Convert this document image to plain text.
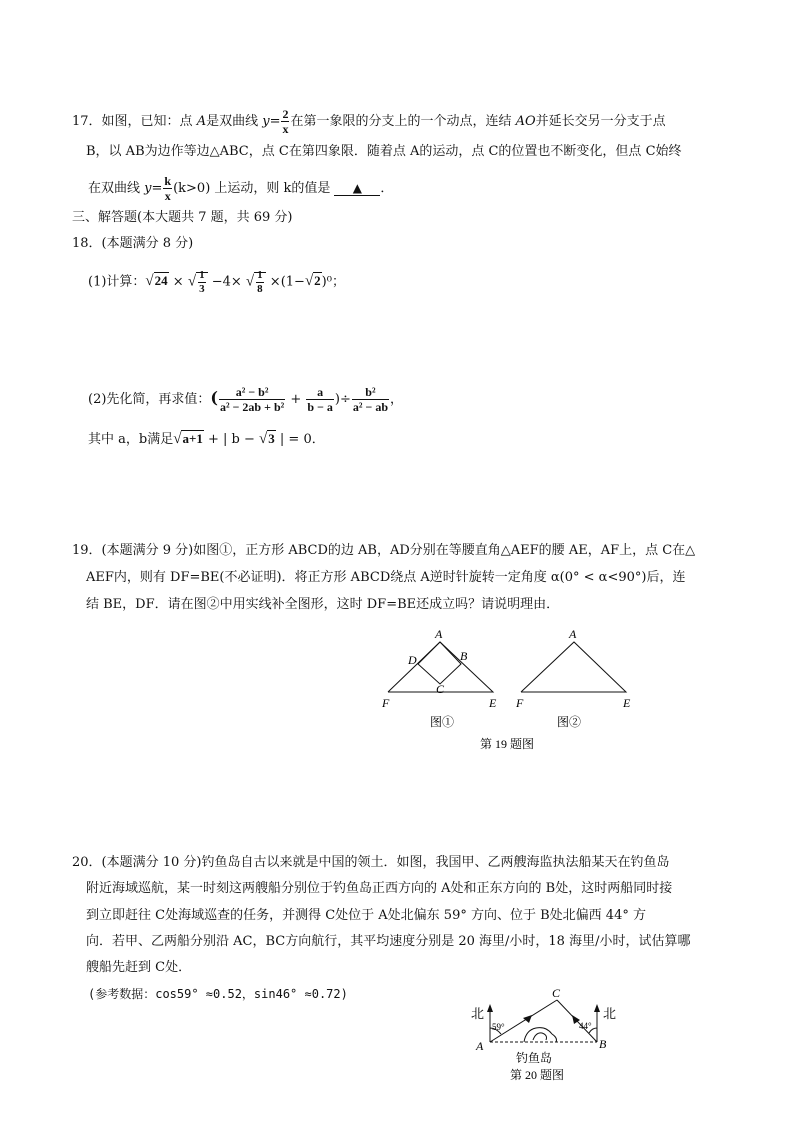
17．如图，已知：点 A是双曲线 $y= \frac{2}{x}$ 在第一象限的分支上的一个动点，连结 AO并延长交另一分支于点
B，以 AB为边作等边△ABC，点 C在第四象限．随着点 A的运动，点 C的位置也不断变化，但点 C始终
在双曲线 $y= \frac{k}{x} (k>0)$ 上运动，则 k的值是 ▲ ．
三、解答题(本大题共 7 题，共 69 分)
18．(本题满分 8 分)
(1)计算：√24 × √ $\frac{1}{3} -4\times$ √ $\frac{1}{8} \times(1-√2)^0$；
(2)先化简，再求值：( $\frac{\text{a² − b²}}{\text{a² − 2ab + b²}} + \frac{a}{b - a}$ )÷ $\frac{\text{b²}}{\text{a² − ab}}$ ，
其中 a，b满足√a+1 + | b − √3 | = 0．
19．(本题满分 9 分)如图①，正方形 ABCD的边 AB，AD分别在等腰直角△AEF的腰 AE，AF上，点 C在△
AEF内，则有 DF=BE(不必证明)．将正方形 ABCD绕点 A逆时针旋转一定角度 α(0° < α<90°)后，连
结 BE，DF．请在图②中用实线补全图形，这时 DF=BE还成立吗？请说明理由．
A
D	B
C
F	E
图①
A
F	E
图②
第 19 题图
20．(本题满分 10 分)钓鱼岛自古以来就是中国的领土．如图，我国甲、乙两艘海监执法船某天在钓鱼岛
附近海域巡航，某一时刻这两艘船分别位于钓鱼岛正西方向的 A处和正东方向的 B处，这时两船同时接
到立即赶往 C处海域巡查的任务，并测得 C处位于 A处北偏东 59° 方向、位于 B处北偏西 44° 方
向．若甲、乙两船分别沿 AC，BC方向航行，其平均速度分别是 20 海里/小时，18 海里/小时，试估算哪
艘船先赶到 C处．
(参考数据：cos59° ≈0.52，sin46° ≈0.72)
北	北
59°	44°
A	B
C
钓鱼岛
第 20 题图
